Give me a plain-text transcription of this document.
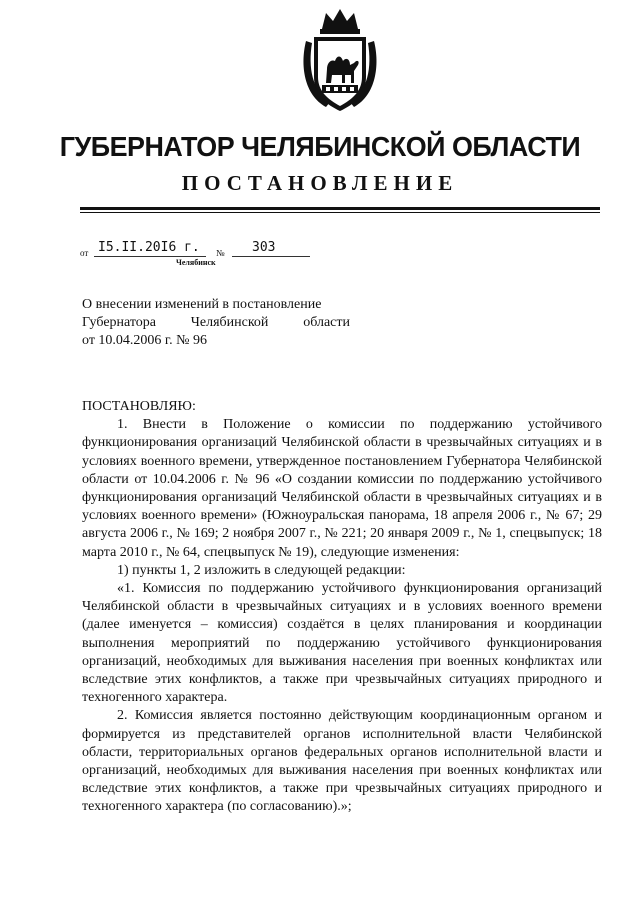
ГУБЕРНАТОР ЧЕЛЯБИНСКОЙ ОБЛАСТИ
ПОСТАНОВЛЕНИЕ
от I5.II.20I6 г.	№ 303
Челябинск
О внесении изменений в постановление
Губернатора Челябинской области
от 10.04.2006 г. № 96

ПОСТАНОВЛЯЮ:

1. Внести в Положение о комиссии по поддержанию устойчивого функционирования организаций Челябинской области в чрезвычайных ситуациях и в условиях военного времени, утвержденное постановлением Губернатора Челябинской области от 10.04.2006 г. № 96 «О создании комиссии по поддержанию устойчивого функционирования организаций Челябинской области в чрезвычайных ситуациях и в условиях военного времени» (Южноуральская панорама, 18 апреля 2006 г., № 67; 29 августа 2006 г., № 169; 2 ноября 2007 г., № 221; 20 января 2009 г., № 1, спецвыпуск; 18 марта 2010 г., № 64, спецвыпуск № 19), следующие изменения:

1) пункты 1, 2 изложить в следующей редакции:

«1. Комиссия по поддержанию устойчивого функционирования организаций Челябинской области в чрезвычайных ситуациях и в условиях военного времени (далее именуется – комиссия) создаётся в целях планирования и координации выполнения мероприятий по поддержанию устойчивого функционирования организаций, необходимых для выживания населения при военных конфликтах или вследствие этих конфликтов, а также при чрезвычайных ситуациях природного и техногенного характера.

2. Комиссия является постоянно действующим координационным органом и формируется из представителей органов исполнительной власти Челябинской области, территориальных органов федеральных органов исполнительной власти и организаций, необходимых для выживания населения при военных конфликтах или вследствие этих конфликтов, а также при чрезвычайных ситуациях природного и техногенного характера (по согласованию).»;
